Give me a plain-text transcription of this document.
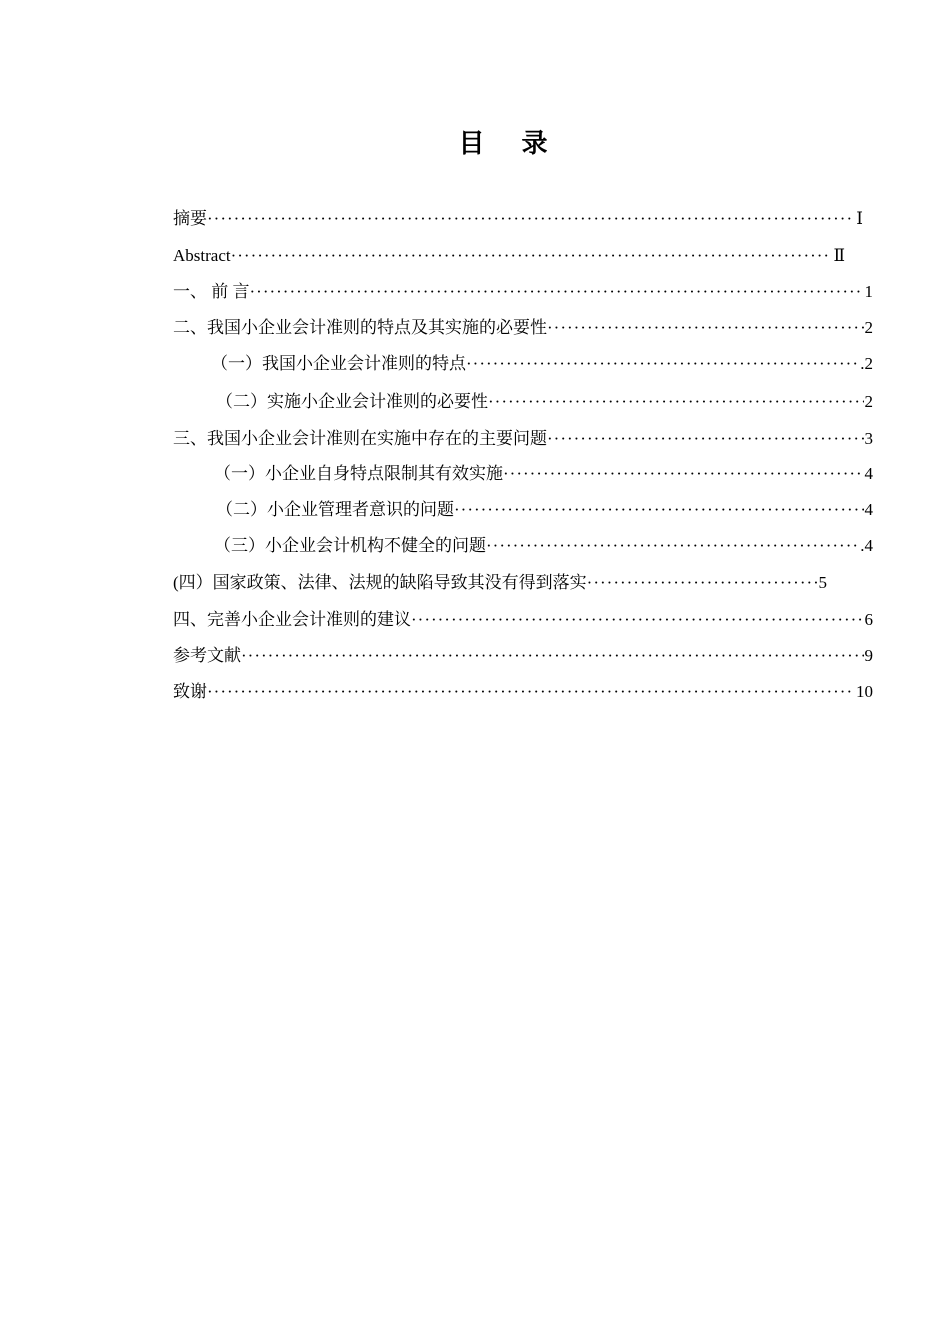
目 录
摘要 ·····	Ⅰ
Abstract ·····	Ⅱ
一、 前 言 ·····	1
二、我国小企业会计准则的特点及其实施的必要性 ·····	2
（一）我国小企业会计准则的特点 ·····	.2
（二）实施小企业会计准则的必要性 ·····	2
三、我国小企业会计准则在实施中存在的主要问题 ·····	3
（一）小企业自身特点限制其有效实施 ·····	4
（二）小企业管理者意识的问题 ·····	4
（三）小企业会计机构不健全的问题 ·····	.4
(四）国家政策、法律、法规的缺陷导致其没有得到落实 ·····	5
四、完善小企业会计准则的建议 ·····	6
参考文献 ·····	9
致谢 ·····	10
